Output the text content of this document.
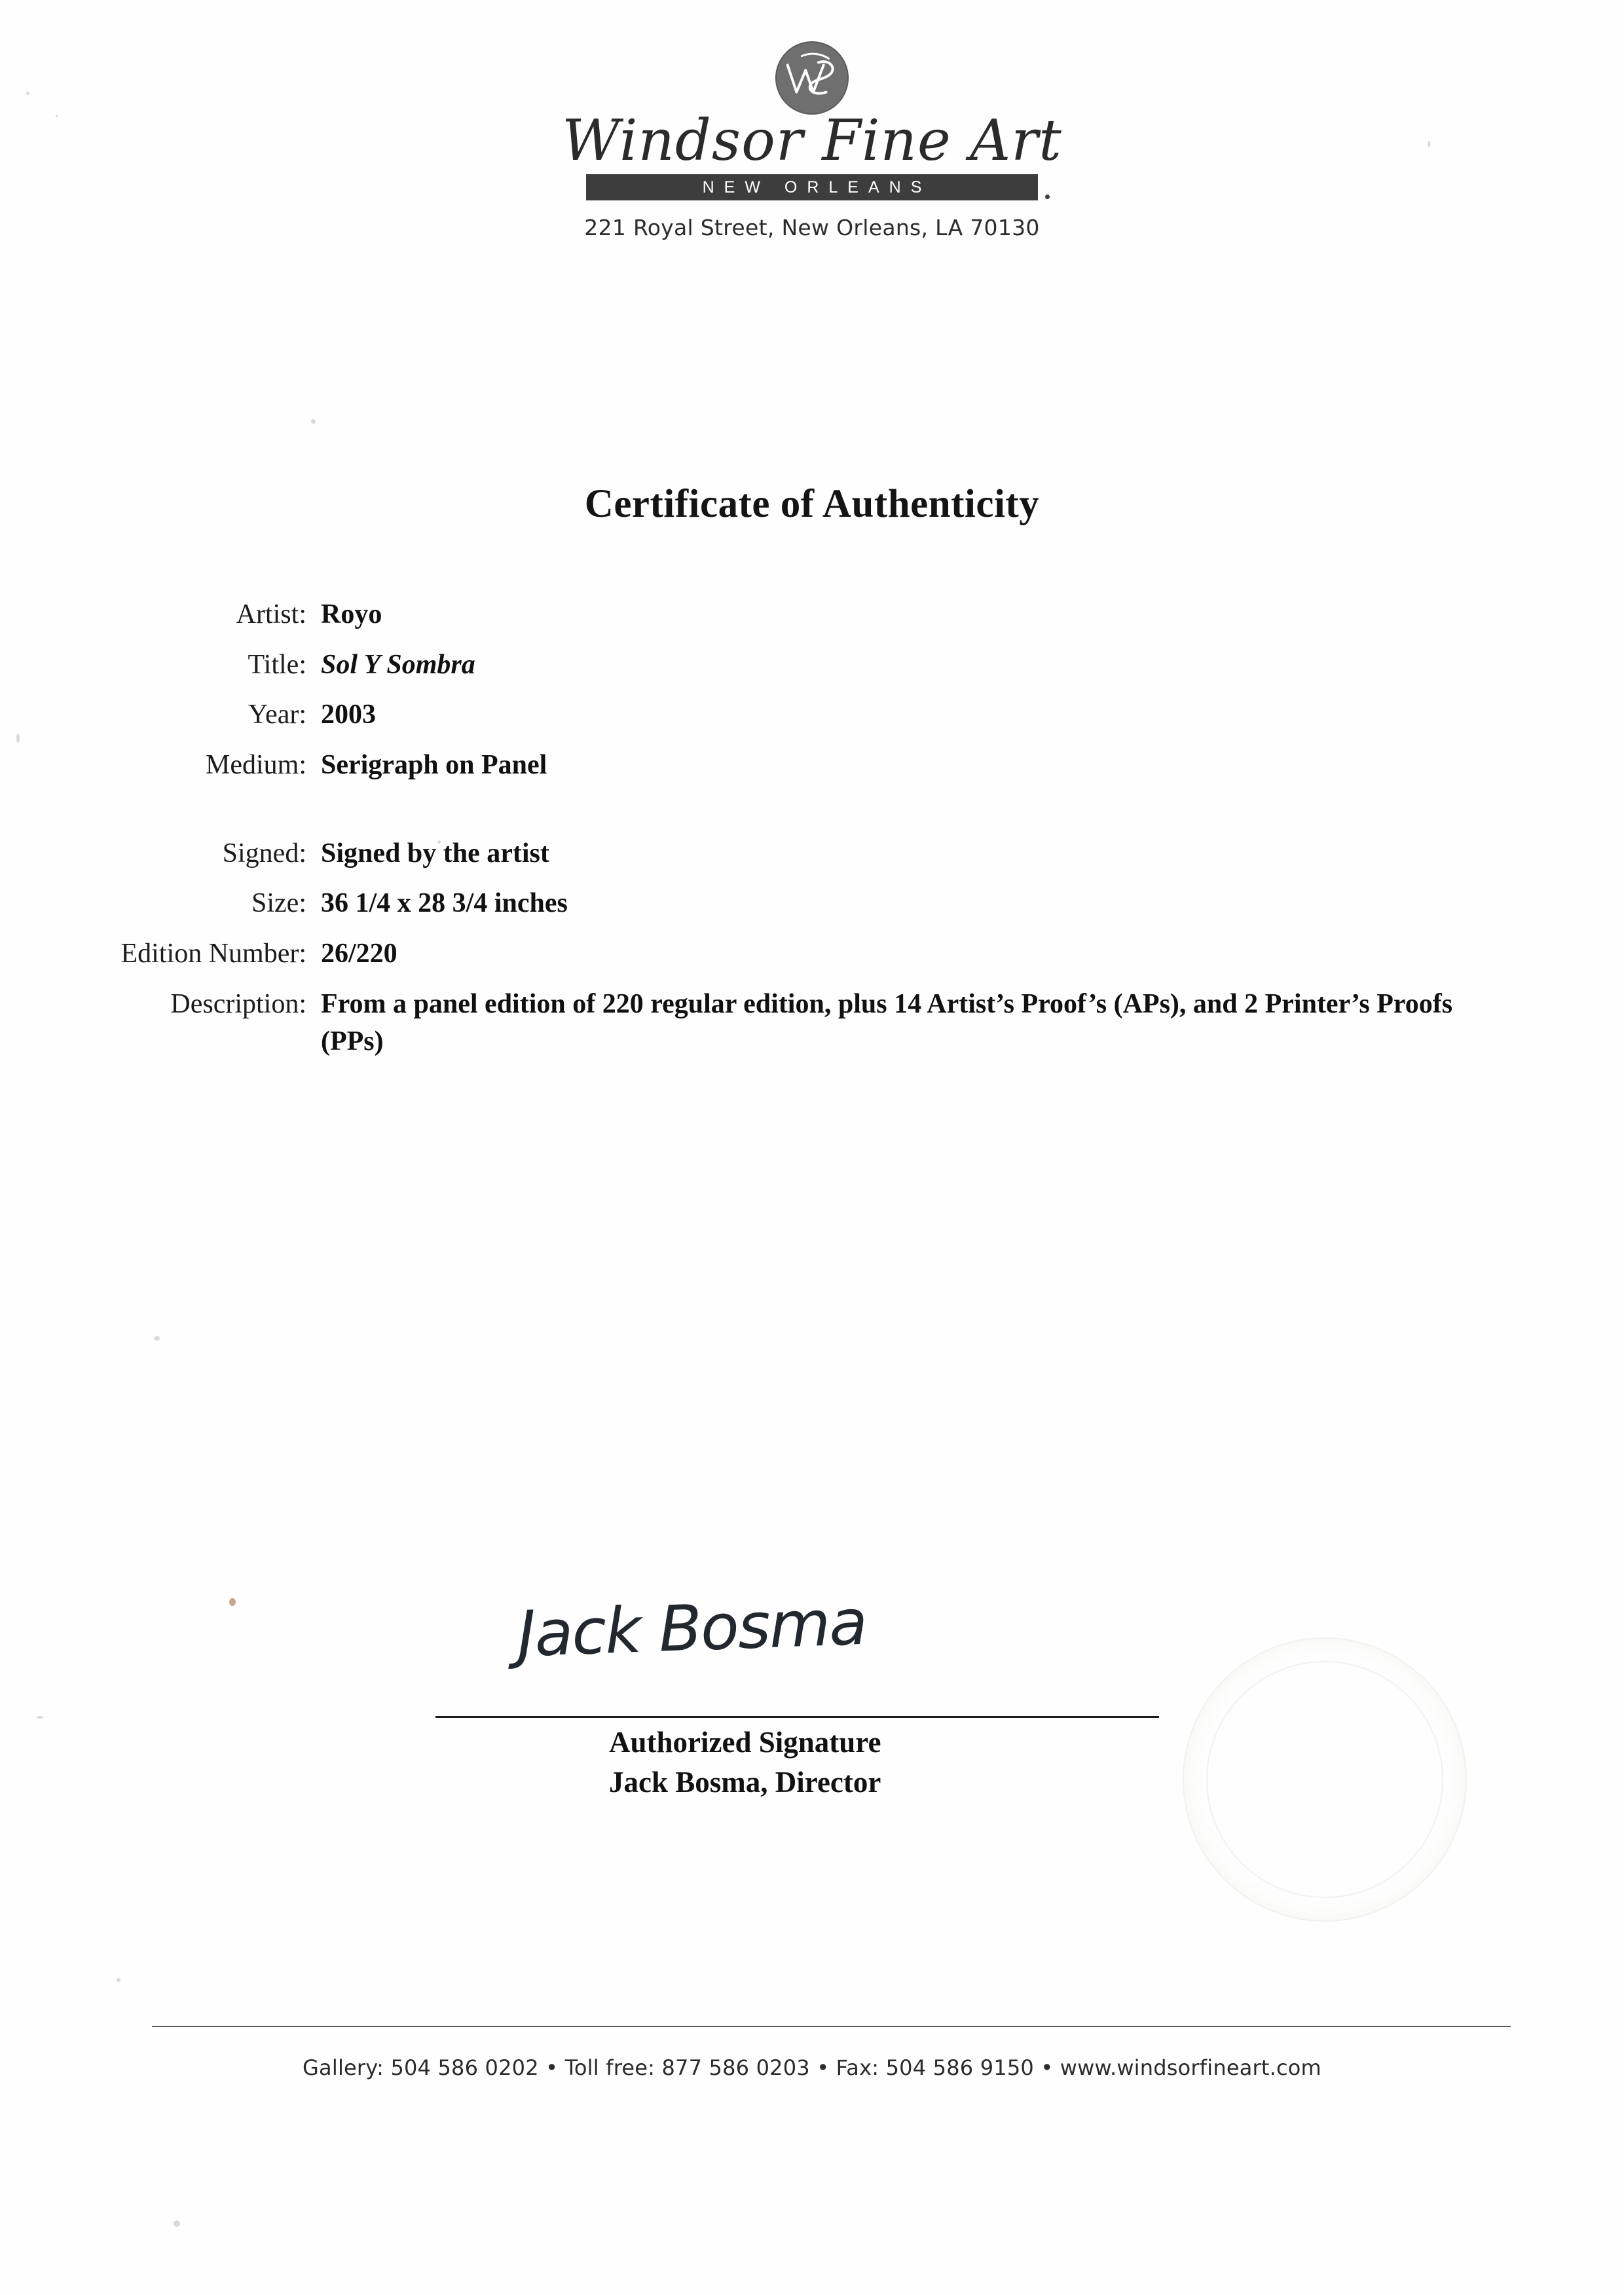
Windsor Fine Art
NEW ORLEANS
221 Royal Street, New Orleans, LA 70130
Certificate of Authenticity
Artist: Royo
Title: Sol Y Sombra
Year: 2003
Medium: Serigraph on Panel
Signed: Signed by the artist
Size: 36 1/4 x 28 3/4 inches
Edition Number: 26/220
Description: From a panel edition of 220 regular edition, plus 14 Artist’s Proof’s (APs), and 2 Printer’s Proofs (PPs)
Jack Bosma
Authorized Signature
Jack Bosma, Director
Gallery: 504 586 0202 • Toll free: 877 586 0203 • Fax: 504 586 9150 • www.windsorfineart.com
